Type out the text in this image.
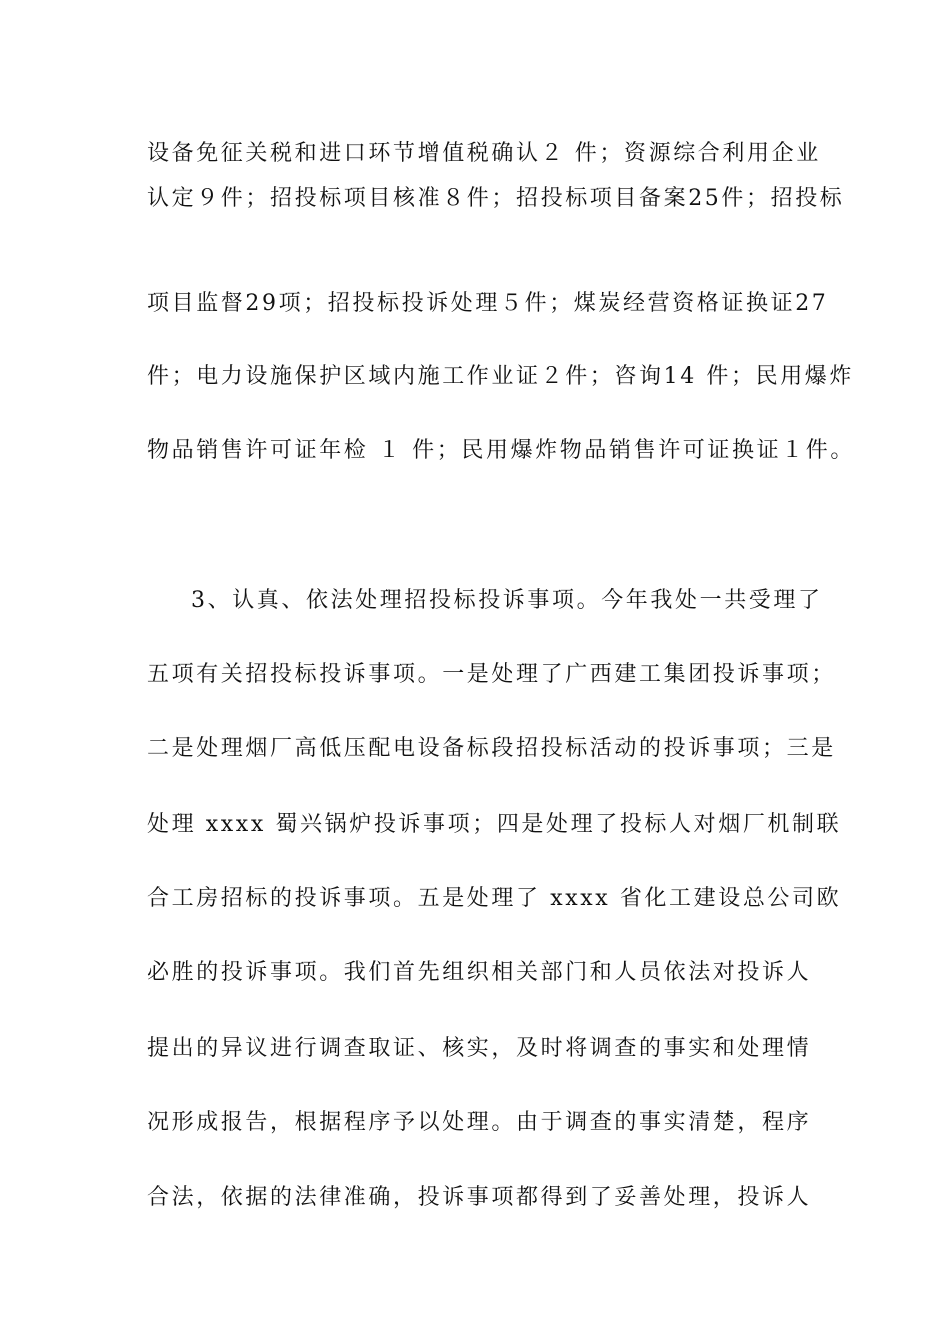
设备免征关税和进口环节增值税确认２ 件；资源综合利用企业
认定９件；招投标项目核准８件；招投标项目备案25件；招投标
项目监督29项；招投标投诉处理５件；煤炭经营资格证换证27
件；电力设施保护区域内施工作业证２件；咨询14 件；民用爆炸
物品销售许可证年检 １ 件；民用爆炸物品销售许可证换证１件。
3、认真、依法处理招投标投诉事项。今年我处一共受理了
五项有关招投标投诉事项。一是处理了广西建工集团投诉事项；
二是处理烟厂高低压配电设备标段招投标活动的投诉事项；三是
处理 xxxx 蜀兴锅炉投诉事项；四是处理了投标人对烟厂机制联
合工房招标的投诉事项。五是处理了 xxxx 省化工建设总公司欧
必胜的投诉事项。我们首先组织相关部门和人员依法对投诉人
提出的异议进行调查取证、核实，及时将调查的事实和处理情
况形成报告，根据程序予以处理。由于调查的事实清楚，程序
合法，依据的法律准确，投诉事项都得到了妥善处理，投诉人
